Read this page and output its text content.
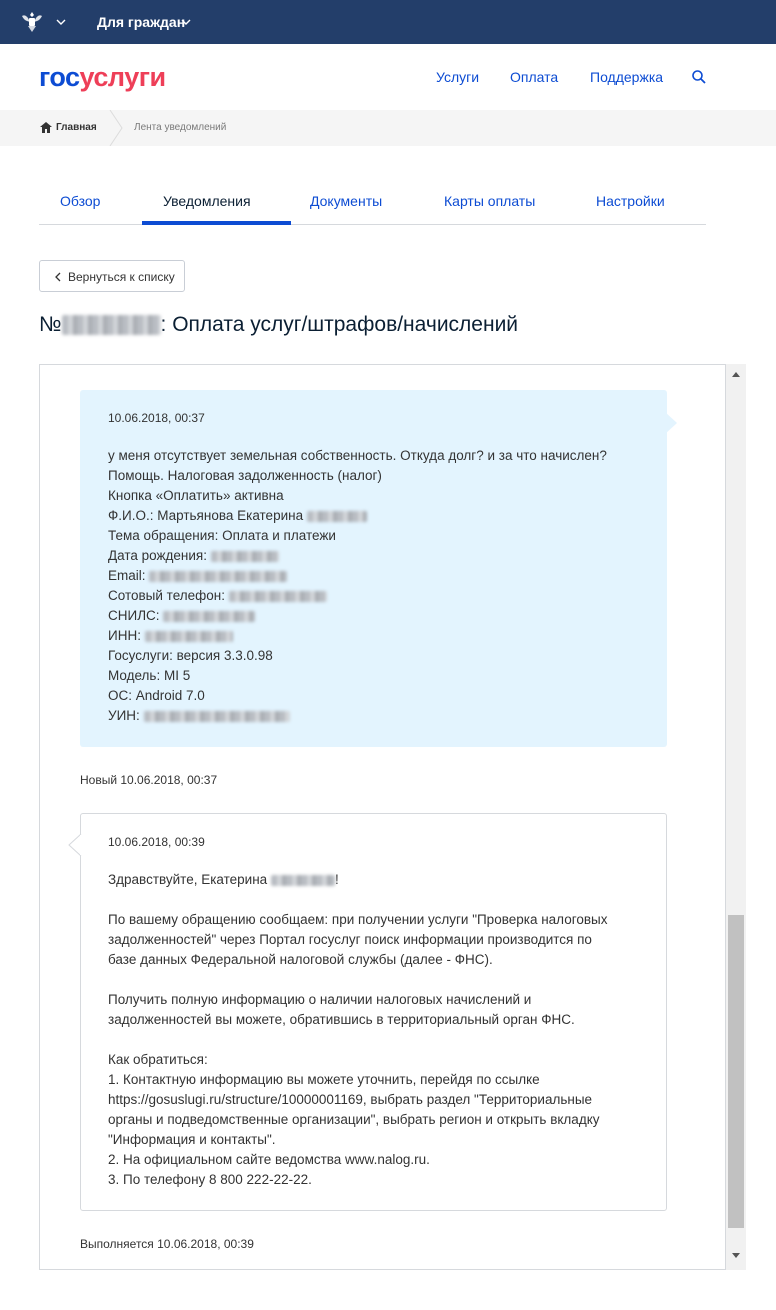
Для граждан
госуслуги	Услуги Оплата Поддержка
Главная	Лента уведомлений
Обзор	Уведомления	Документы	Карты оплаты	Настройки
Вернуться к списку
№	: Оплата услуг/штрафов/начислений
10.06.2018, 00:37
у меня отсутствует земельная собственность. Откуда долг? и за что начислен?
Помощь. Налоговая задолженность (налог)
Кнопка «Оплатить» активна
Ф.И.О.: Мартьянова Екатерина
Тема обращения: Оплата и платежи
Дата рождения:
Email:
Сотовый телефон:
СНИЛС:
ИНН:
Госуслуги: версия 3.3.0.98
Модель: MI 5
ОС: Android 7.0
УИН:
Новый 10.06.2018, 00:37
10.06.2018, 00:39
Здравствуйте, Екатерина	!
По вашему обращению сообщаем: при получении услуги "Проверка налоговых
задолженностей" через Портал госуслуг поиск информации производится по
базе данных Федеральной налоговой службы (далее - ФНС).
Получить полную информацию о наличии налоговых начислений и
задолженностей вы можете, обратившись в территориальный орган ФНС.
Как обратиться:
1. Контактную информацию вы можете уточнить, перейдя по ссылке
https://gosuslugi.ru/structure/10000001169, выбрать раздел "Территориальные
органы и подведомственные организации", выбрать регион и открыть вкладку
"Информация и контакты".
2. На официальном сайте ведомства www.nalog.ru.
3. По телефону 8 800 222-22-22.
Выполняется 10.06.2018, 00:39
